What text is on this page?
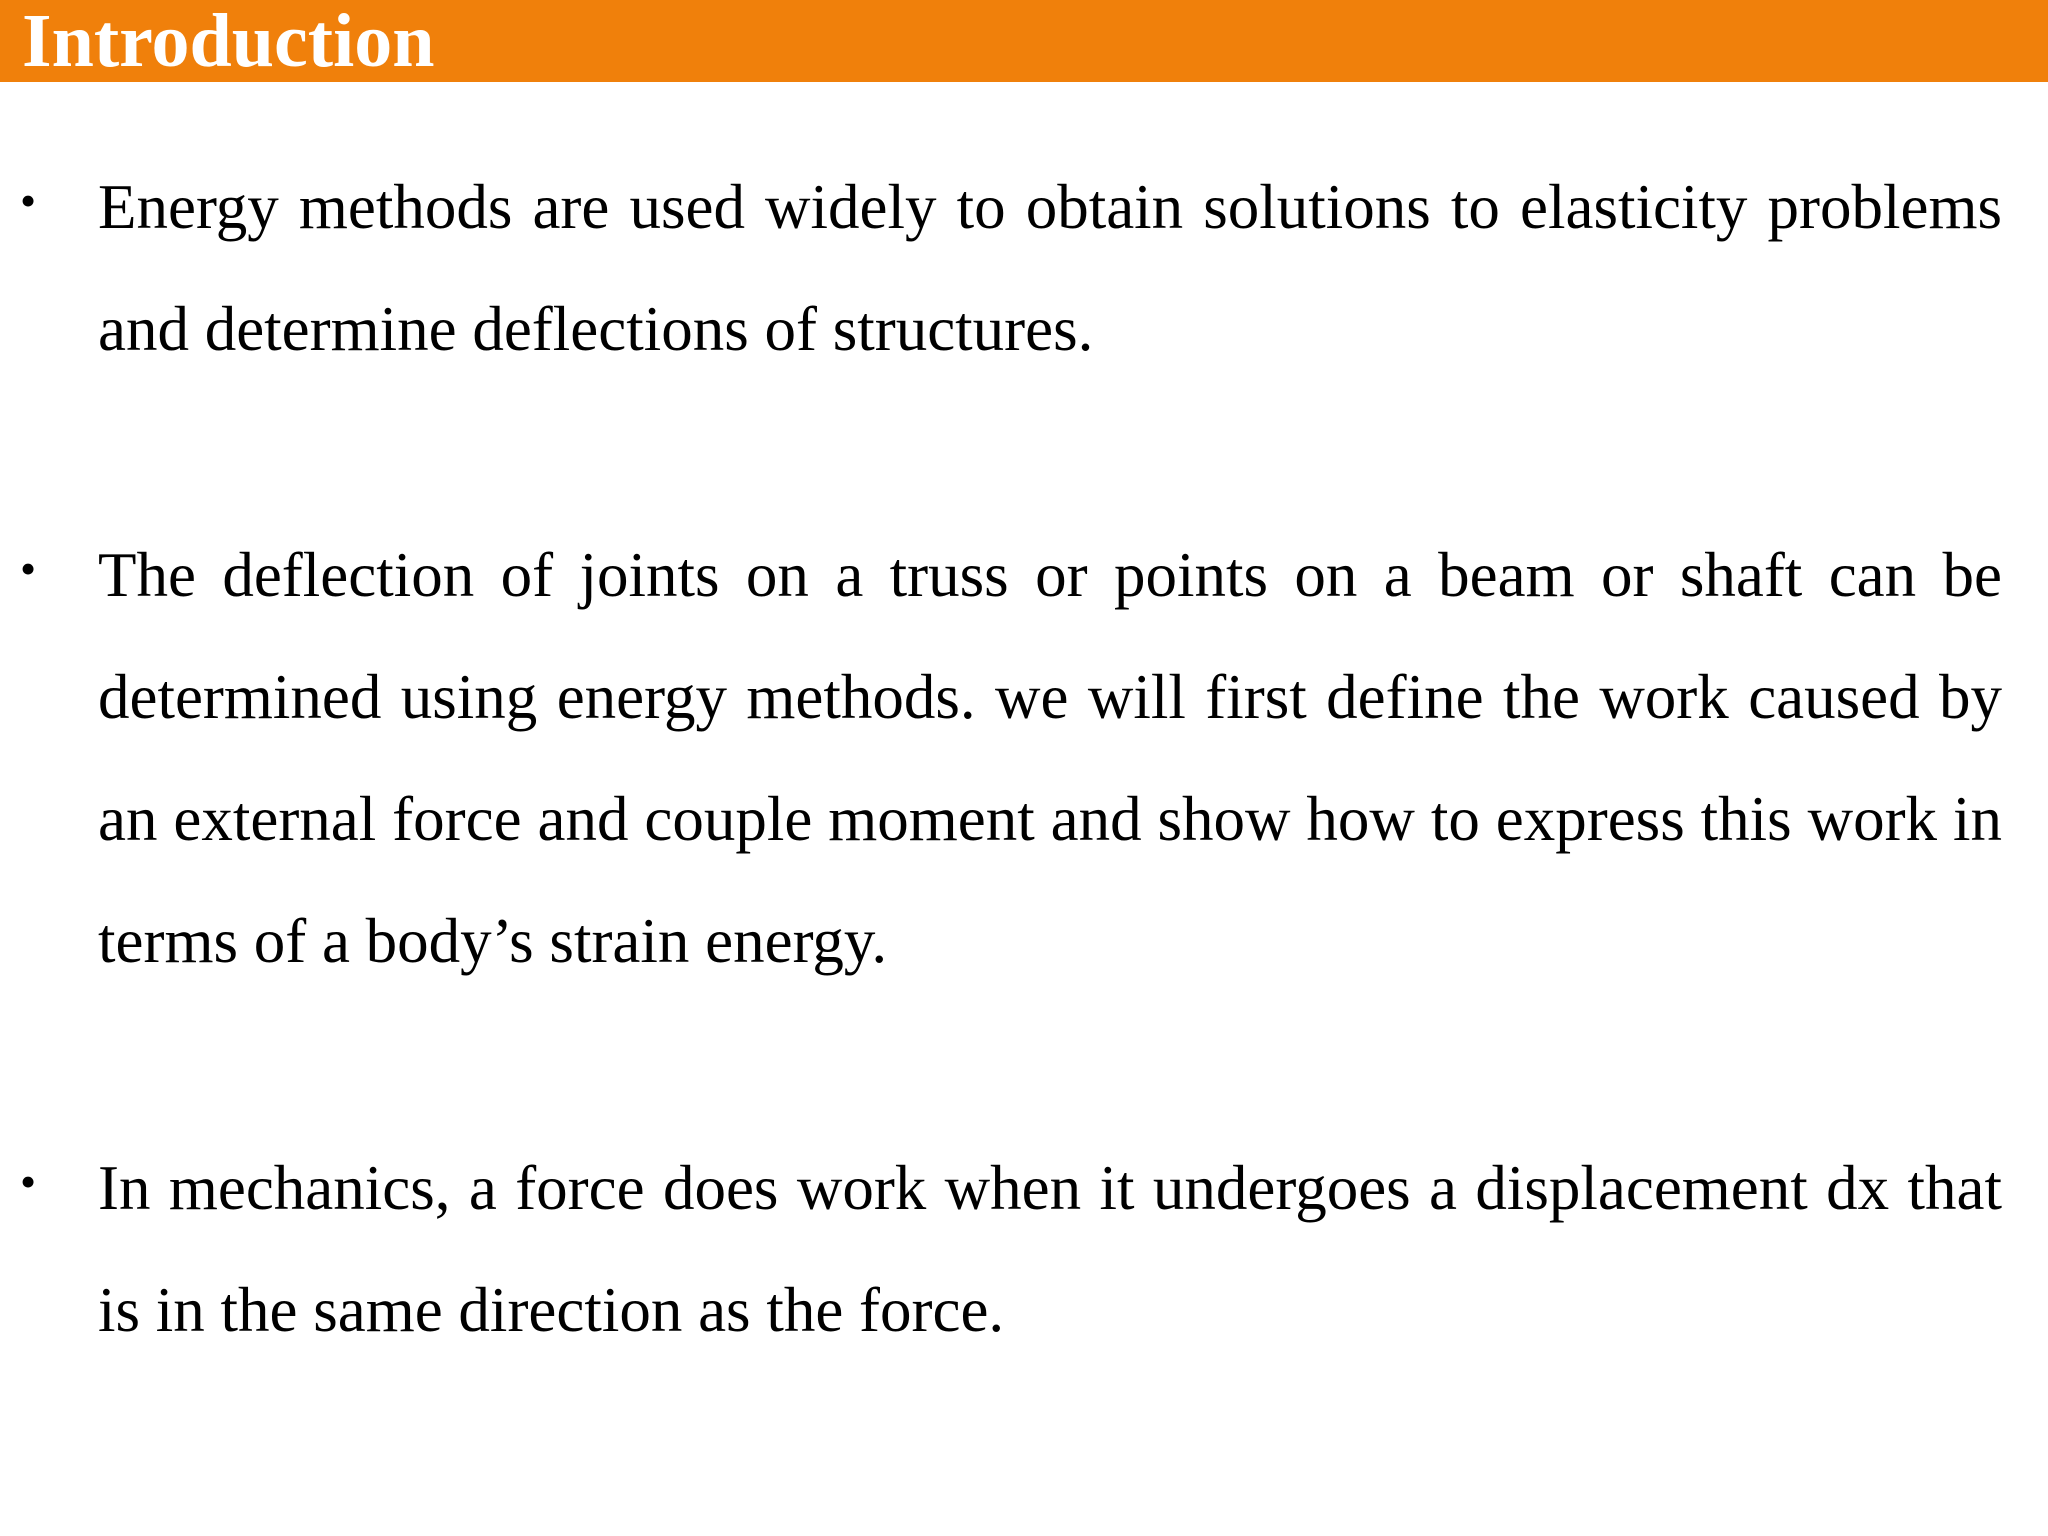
Introduction
• Energy methods are used widely to obtain solutions to elasticity problems and determine deflections of structures.
• The deflection of joints on a truss or points on a beam or shaft can be determined using energy methods. we will first define the work caused by an external force and couple moment and show how to express this work in terms of a body’s strain energy.
• In mechanics, a force does work when it undergoes a displacement dx that is in the same direction as the force.
